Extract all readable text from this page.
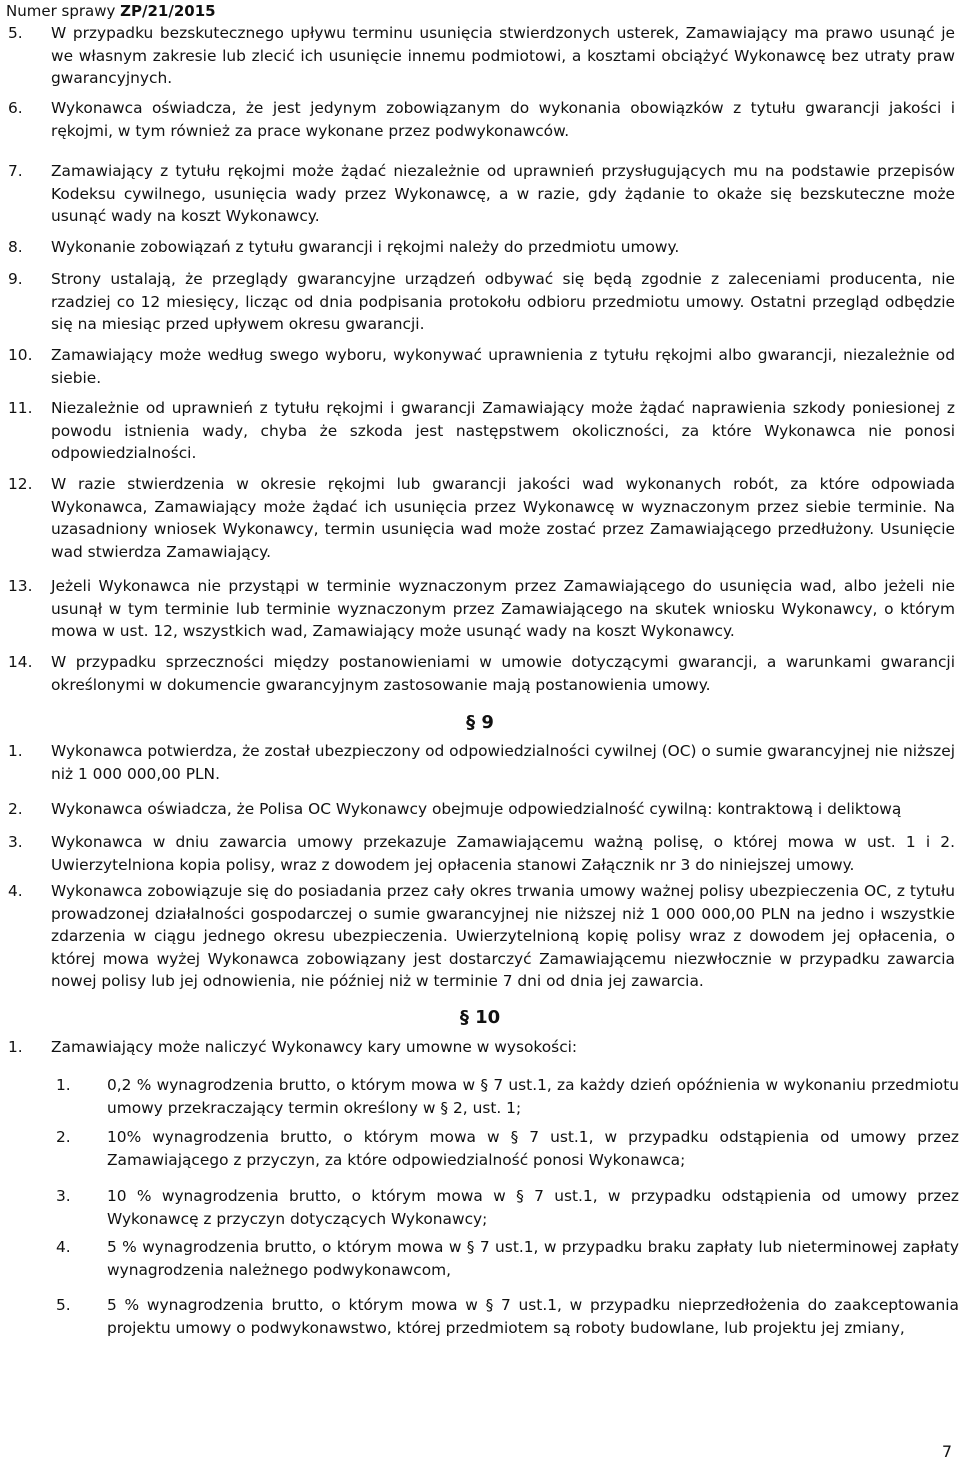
Numer sprawy ZP/21/2015
5. W przypadku bezskutecznego upływu terminu usunięcia stwierdzonych usterek, Zamawiający ma prawo usunąć je we własnym zakresie lub zlecić ich usunięcie innemu podmiotowi, a kosztami obciążyć Wykonawcę bez utraty praw gwarancyjnych.
6. Wykonawca oświadcza, że jest jedynym zobowiązanym do wykonania obowiązków z tytułu gwarancji jakości i rękojmi, w tym również za prace wykonane przez podwykonawców.
7. Zamawiający z tytułu rękojmi może żądać niezależnie od uprawnień przysługujących mu na podstawie przepisów Kodeksu cywilnego, usunięcia wady przez Wykonawcę, a w razie, gdy żądanie to okaże się bezskuteczne może usunąć wady na koszt Wykonawcy.
8. Wykonanie zobowiązań z tytułu gwarancji i rękojmi należy do przedmiotu umowy.
9. Strony ustalają, że przeglądy gwarancyjne urządzeń odbywać się będą zgodnie z zaleceniami producenta, nie rzadziej co 12 miesięcy, licząc od dnia podpisania protokołu odbioru przedmiotu umowy. Ostatni przegląd odbędzie się na miesiąc przed upływem okresu gwarancji.
10. Zamawiający może według swego wyboru, wykonywać uprawnienia z tytułu rękojmi albo gwarancji, niezależnie od siebie.
11. Niezależnie od uprawnień z tytułu rękojmi i gwarancji Zamawiający może żądać naprawienia szkody poniesionej z powodu istnienia wady, chyba że szkoda jest następstwem okoliczności, za które Wykonawca nie ponosi odpowiedzialności.
12. W razie stwierdzenia w okresie rękojmi lub gwarancji jakości wad wykonanych robót, za które odpowiada Wykonawca, Zamawiający może żądać ich usunięcia przez Wykonawcę w wyznaczonym przez siebie terminie. Na uzasadniony wniosek Wykonawcy, termin usunięcia wad może zostać przez Zamawiającego przedłużony. Usunięcie wad stwierdza Zamawiający.
13. Jeżeli Wykonawca nie przystąpi w terminie wyznaczonym przez Zamawiającego do usunięcia wad, albo jeżeli nie usunął w tym terminie lub terminie wyznaczonym przez Zamawiającego na skutek wniosku Wykonawcy, o którym mowa w ust. 12, wszystkich wad, Zamawiający może usunąć wady na koszt Wykonawcy.
14. W przypadku sprzeczności między postanowieniami w umowie dotyczącymi gwarancji, a warunkami gwarancji określonymi w dokumencie gwarancyjnym zastosowanie mają postanowienia umowy.
§ 9
1. Wykonawca potwierdza, że został ubezpieczony od odpowiedzialności cywilnej (OC) o sumie gwarancyjnej nie niższej niż 1 000 000,00 PLN.
2. Wykonawca oświadcza, że Polisa OC Wykonawcy obejmuje odpowiedzialność cywilną: kontraktową i deliktową
3. Wykonawca w dniu zawarcia umowy przekazuje Zamawiającemu ważną polisę, o której mowa w ust. 1 i 2. Uwierzytelniona kopia polisy, wraz z dowodem jej opłacenia stanowi Załącznik nr 3 do niniejszej umowy.
4. Wykonawca zobowiązuje się do posiadania przez cały okres trwania umowy ważnej polisy ubezpieczenia OC, z tytułu prowadzonej działalności gospodarczej o sumie gwarancyjnej nie niższej niż 1 000 000,00 PLN na jedno i wszystkie zdarzenia w ciągu jednego okresu ubezpieczenia. Uwierzytelnioną kopię polisy wraz z dowodem jej opłacenia, o której mowa wyżej Wykonawca zobowiązany jest dostarczyć Zamawiającemu niezwłocznie w przypadku zawarcia nowej polisy lub jej odnowienia, nie później niż w terminie 7 dni od dnia jej zawarcia.
§ 10
1. Zamawiający może naliczyć Wykonawcy kary umowne w wysokości:
1. 0,2 % wynagrodzenia brutto, o którym mowa w § 7 ust.1, za każdy dzień opóźnienia w wykonaniu przedmiotu umowy przekraczający termin określony w § 2, ust. 1;
2. 10% wynagrodzenia brutto, o którym mowa w § 7 ust.1, w przypadku odstąpienia od umowy przez Zamawiającego z przyczyn, za które odpowiedzialność ponosi Wykonawca;
3. 10 % wynagrodzenia brutto, o którym mowa w § 7 ust.1, w przypadku odstąpienia od umowy przez Wykonawcę z przyczyn dotyczących Wykonawcy;
4. 5 % wynagrodzenia brutto, o którym mowa w § 7 ust.1, w przypadku braku zapłaty lub nieterminowej zapłaty wynagrodzenia należnego podwykonawcom,
5. 5 % wynagrodzenia brutto, o którym mowa w § 7 ust.1, w przypadku nieprzedłożenia do zaakceptowania projektu umowy o podwykonawstwo, której przedmiotem są roboty budowlane, lub projektu jej zmiany,
7
